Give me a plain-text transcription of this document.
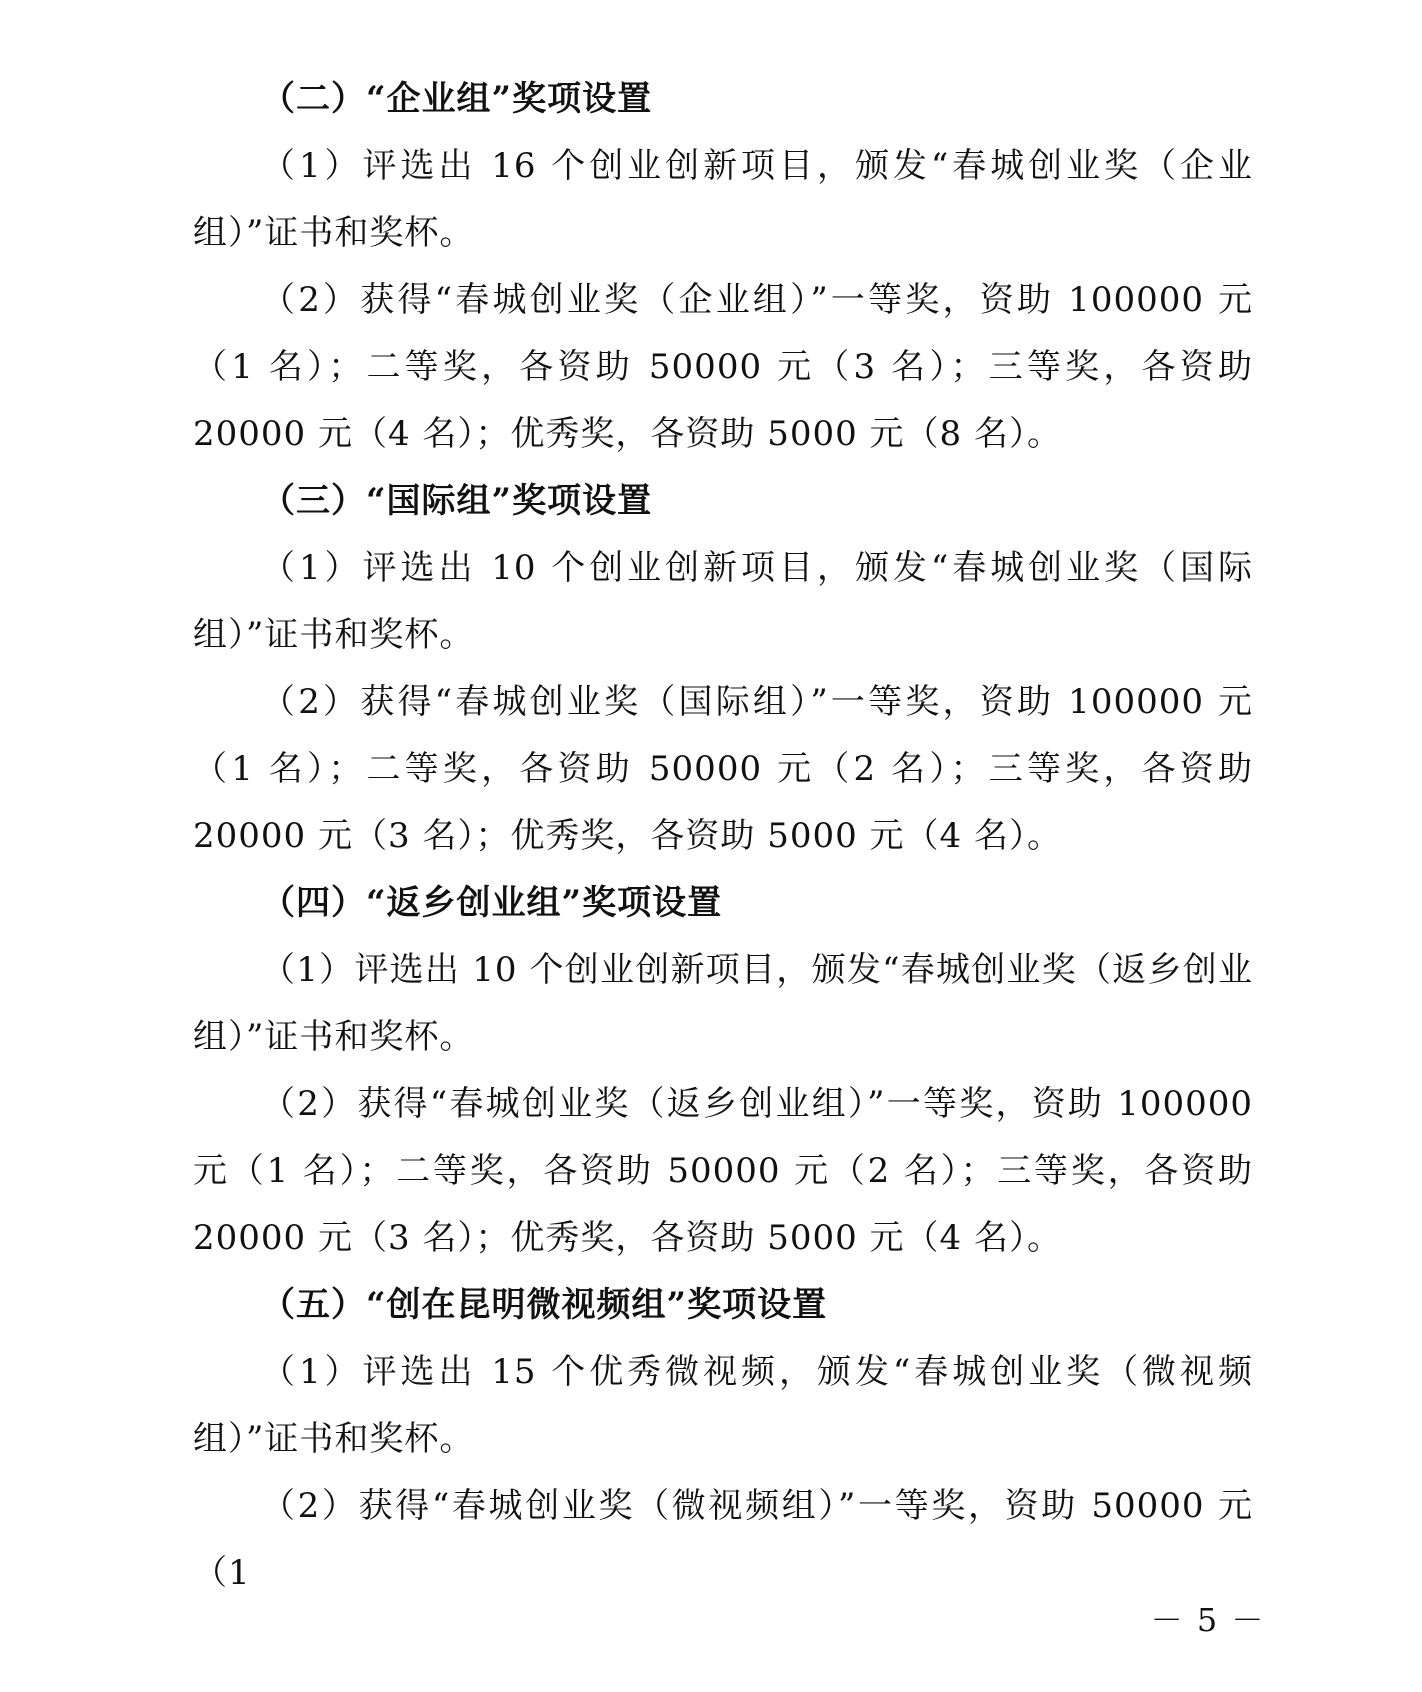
（二）“企业组”奖项设置

（1）评选出 16 个创业创新项目，颁发“春城创业奖（企业组）”证书和奖杯。

（2）获得“春城创业奖（企业组）”一等奖，资助 100000 元（1 名）；二等奖，各资助 50000 元（3 名）；三等奖，各资助 20000 元（4 名）；优秀奖，各资助 5000 元（8 名）。

（三）“国际组”奖项设置

（1）评选出 10 个创业创新项目，颁发“春城创业奖（国际组）”证书和奖杯。

（2）获得“春城创业奖（国际组）”一等奖，资助 100000 元（1 名）；二等奖，各资助 50000 元（2 名）；三等奖，各资助 20000 元（3 名）；优秀奖，各资助 5000 元（4 名）。

（四）“返乡创业组”奖项设置

（1）评选出 10 个创业创新项目，颁发“春城创业奖（返乡创业组）”证书和奖杯。

（2）获得“春城创业奖（返乡创业组）”一等奖，资助 100000 元（1 名）；二等奖，各资助 50000 元（2 名）；三等奖，各资助 20000 元（3 名）；优秀奖，各资助 5000 元（4 名）。

（五）“创在昆明微视频组”奖项设置

（1）评选出 15 个优秀微视频，颁发“春城创业奖（微视频组）”证书和奖杯。

（2）获得“春城创业奖（微视频组）”一等奖，资助 50000 元（1

－ 5 －
